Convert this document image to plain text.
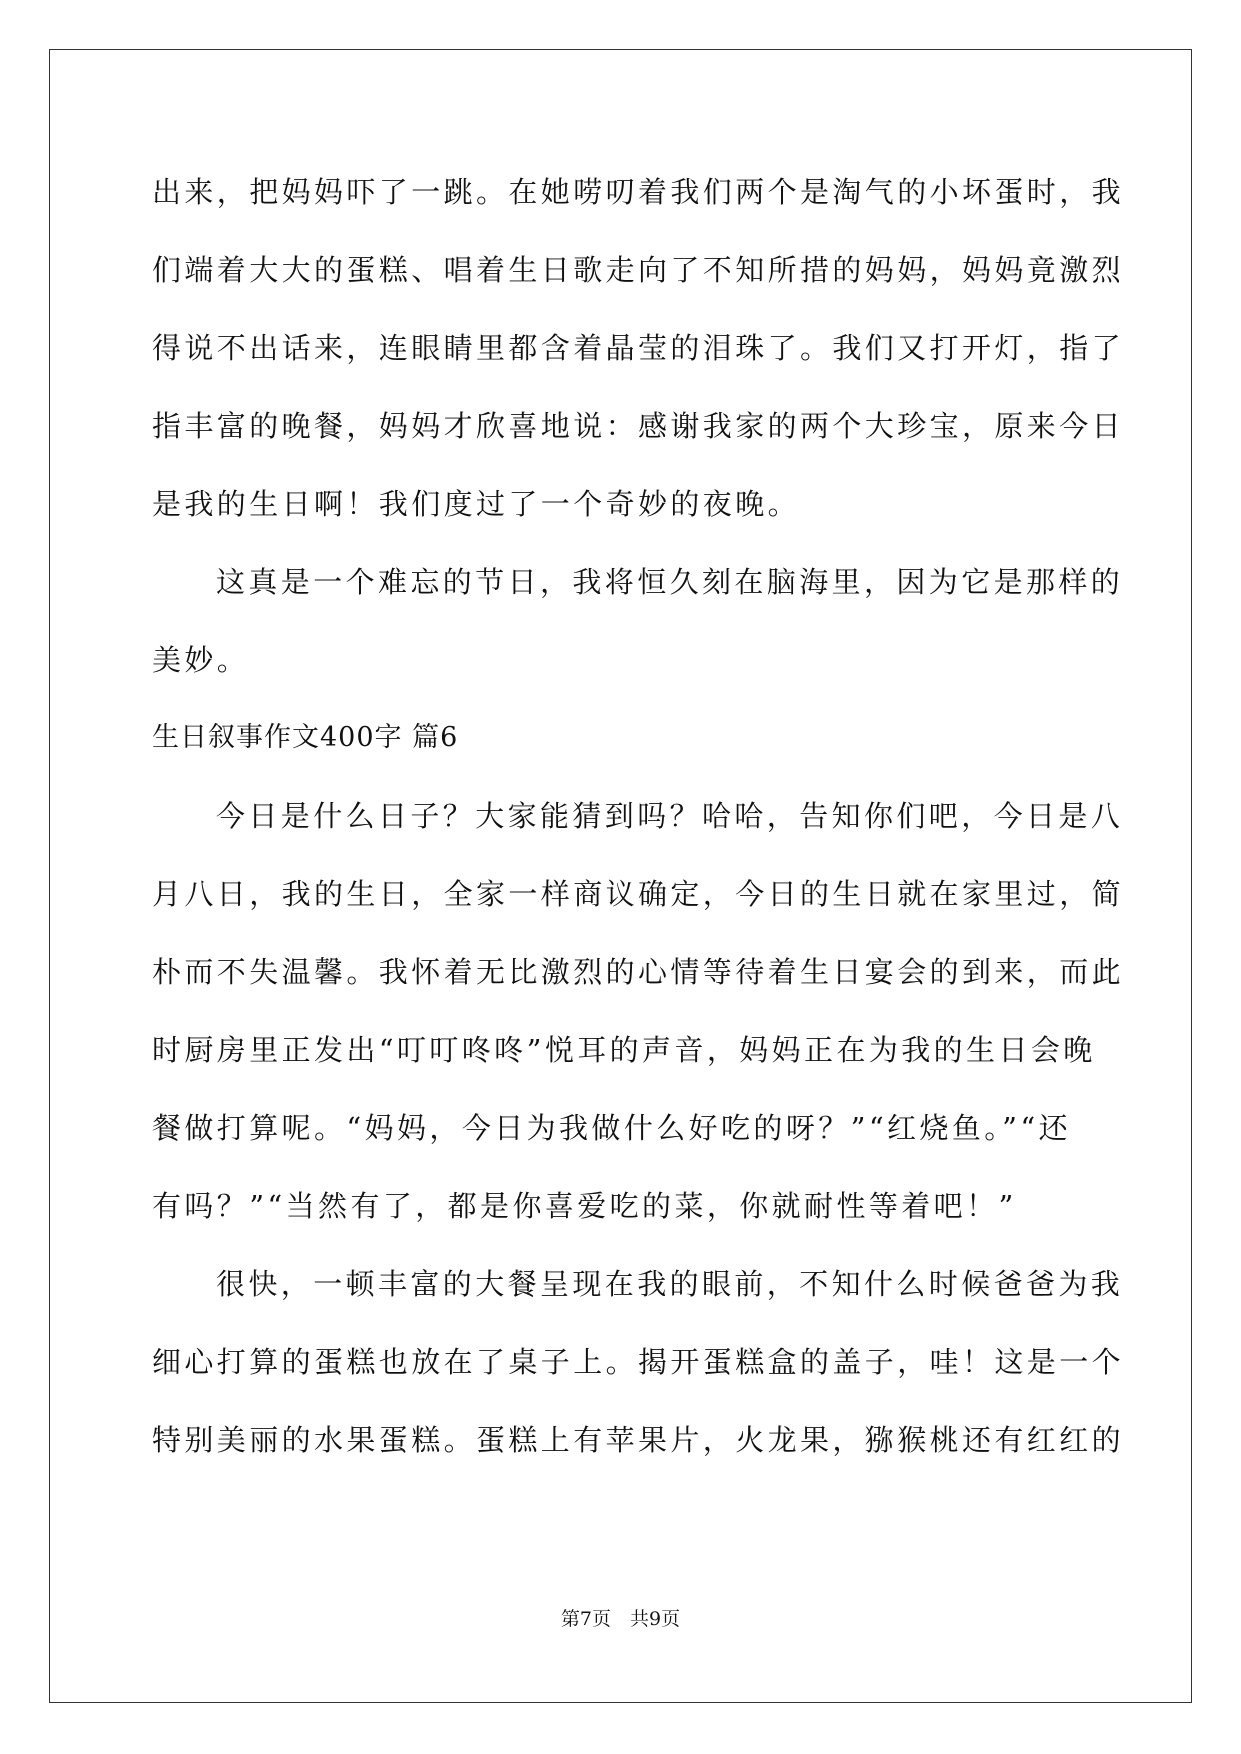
出来，把妈妈吓了一跳。在她唠叨着我们两个是淘气的小坏蛋时，我
们端着大大的蛋糕、唱着生日歌走向了不知所措的妈妈，妈妈竟激烈
得说不出话来，连眼睛里都含着晶莹的泪珠了。我们又打开灯，指了
指丰富的晚餐，妈妈才欣喜地说：感谢我家的两个大珍宝，原来今日
是我的生日啊！我们度过了一个奇妙的夜晚。
这真是一个难忘的节日，我将恒久刻在脑海里，因为它是那样的
美妙。
生日叙事作文400字 篇6
今日是什么日子？大家能猜到吗？哈哈，告知你们吧，今日是八
月八日，我的生日，全家一样商议确定，今日的生日就在家里过，简
朴而不失温馨。我怀着无比激烈的心情等待着生日宴会的到来，而此
时厨房里正发出“叮叮咚咚”悦耳的声音，妈妈正在为我的生日会晚
餐做打算呢。“妈妈，今日为我做什么好吃的呀？”“红烧鱼。”“还
有吗？”“当然有了，都是你喜爱吃的菜，你就耐性等着吧！”
很快，一顿丰富的大餐呈现在我的眼前，不知什么时候爸爸为我
细心打算的蛋糕也放在了桌子上。揭开蛋糕盒的盖子，哇！这是一个
特别美丽的水果蛋糕。蛋糕上有苹果片，火龙果，猕猴桃还有红红的
第7页　共9页
